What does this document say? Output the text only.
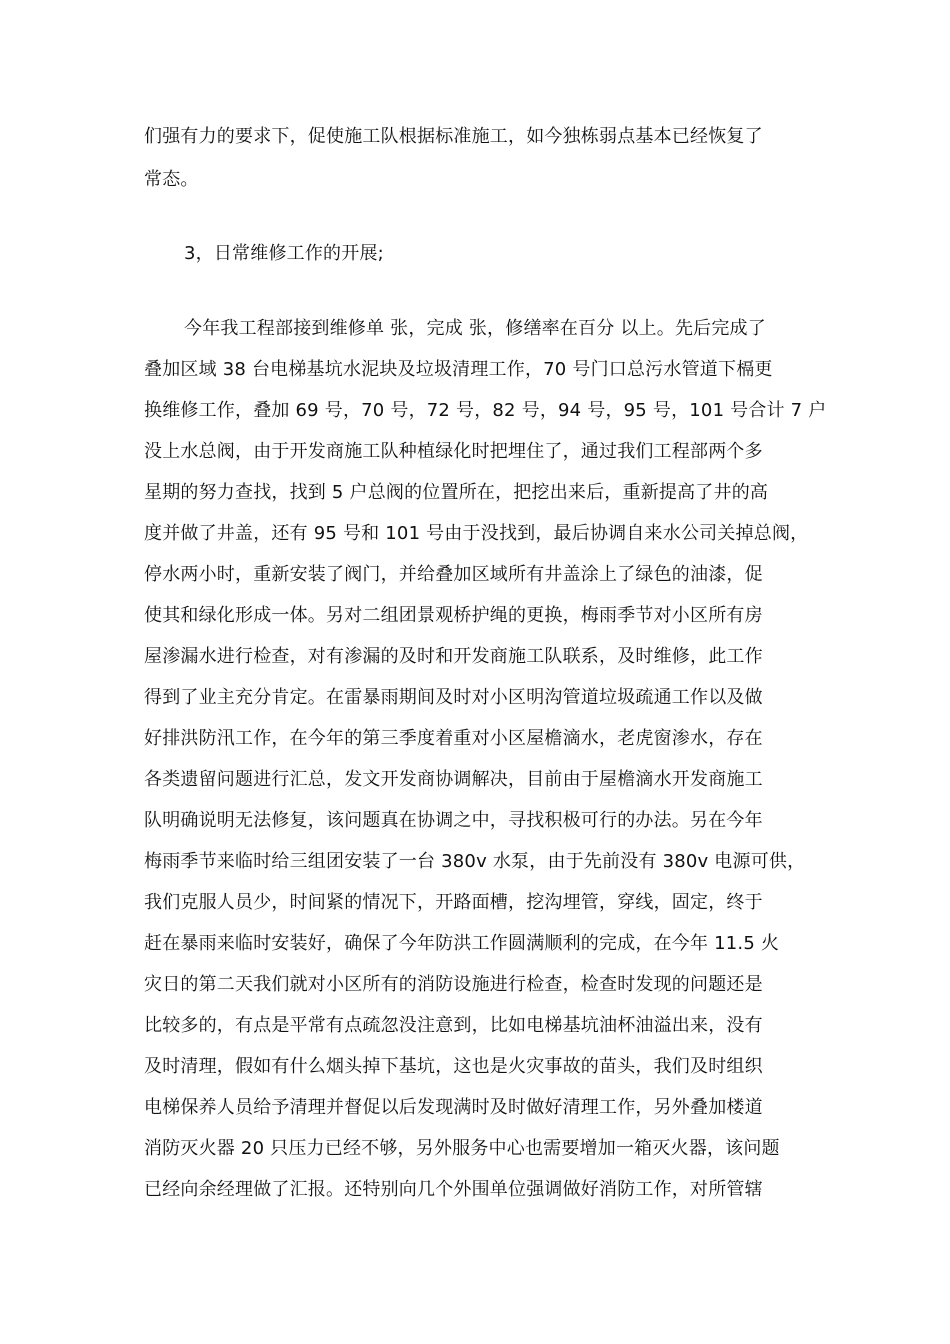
们强有力的要求下，促使施工队根据标准施工，如今独栋弱点基本已经恢复了
常态。
3，日常维修工作的开展;
今年我工程部接到维修单 张，完成 张，修缮率在百分 以上。先后完成了
叠加区域 38 台电梯基坑水泥块及垃圾清理工作，70 号门口总污水管道下槅更
换维修工作，叠加 69 号，70 号，72 号，82 号，94 号，95 号，101 号合计 7 户
没上水总阀，由于开发商施工队种植绿化时把埋住了，通过我们工程部两个多
星期的努力查找，找到 5 户总阀的位置所在，把挖出来后，重新提高了井的高
度并做了井盖，还有 95 号和 101 号由于没找到，最后协调自来水公司关掉总阀，
停水两小时，重新安装了阀门，并给叠加区域所有井盖涂上了绿色的油漆，促
使其和绿化形成一体。另对二组团景观桥护绳的更换，梅雨季节对小区所有房
屋渗漏水进行检查，对有渗漏的及时和开发商施工队联系，及时维修，此工作
得到了业主充分肯定。在雷暴雨期间及时对小区明沟管道垃圾疏通工作以及做
好排洪防汛工作，在今年的第三季度着重对小区屋檐滴水，老虎窗渗水，存在
各类遗留问题进行汇总，发文开发商协调解决，目前由于屋檐滴水开发商施工
队明确说明无法修复，该问题真在协调之中，寻找积极可行的办法。另在今年
梅雨季节来临时给三组团安装了一台 380v 水泵，由于先前没有 380v 电源可供，
我们克服人员少，时间紧的情况下，开路面槽，挖沟埋管，穿线，固定，终于
赶在暴雨来临时安装好，确保了今年防洪工作圆满顺利的完成，在今年 11.5 火
灾日的第二天我们就对小区所有的消防设施进行检查，检查时发现的问题还是
比较多的，有点是平常有点疏忽没注意到，比如电梯基坑油杯油溢出来，没有
及时清理，假如有什么烟头掉下基坑，这也是火灾事故的苗头，我们及时组织
电梯保养人员给予清理并督促以后发现满时及时做好清理工作，另外叠加楼道
消防灭火器 20 只压力已经不够，另外服务中心也需要增加一箱灭火器，该问题
已经向余经理做了汇报。还特别向几个外围单位强调做好消防工作，对所管辖
